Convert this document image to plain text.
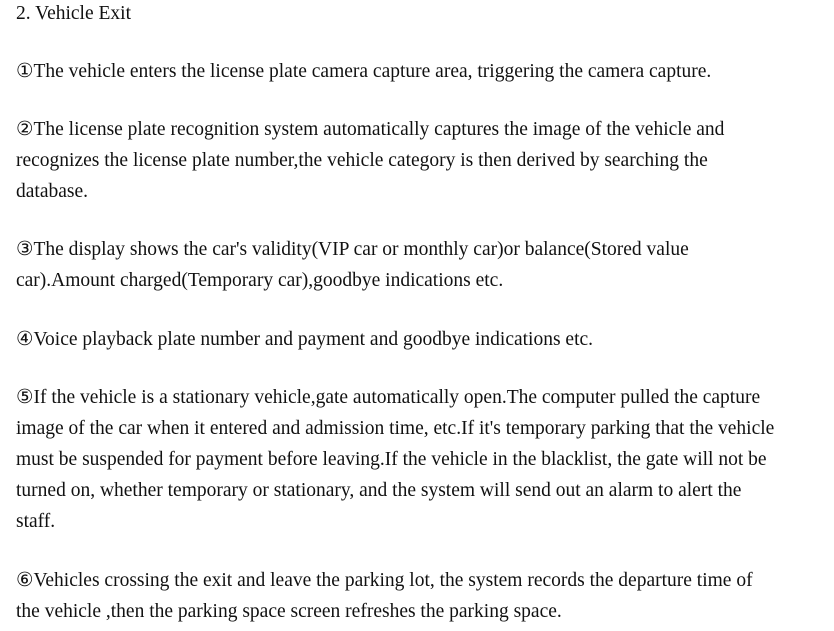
2. Vehicle Exit

①The vehicle enters the license plate camera capture area, triggering the camera capture.

②The license plate recognition system automatically captures the image of the vehicle and
recognizes the license plate number,the vehicle category is then derived by searching the
database.

③The display shows the car's validity(VIP car or monthly car)or balance(Stored value
car).Amount charged(Temporary car),goodbye indications etc.

④Voice playback plate number and payment and goodbye indications etc.

⑤If the vehicle is a stationary vehicle,gate automatically open.The computer pulled the capture
image of the car when it entered and admission time, etc.If it's temporary parking that the vehicle
must be suspended for payment before leaving.If the vehicle in the blacklist, the gate will not be
turned on, whether temporary or stationary, and the system will send out an alarm to alert the
staff.

⑥Vehicles crossing the exit and leave the parking lot, the system records the departure time of
the vehicle ,then the parking space screen refreshes the parking space.
